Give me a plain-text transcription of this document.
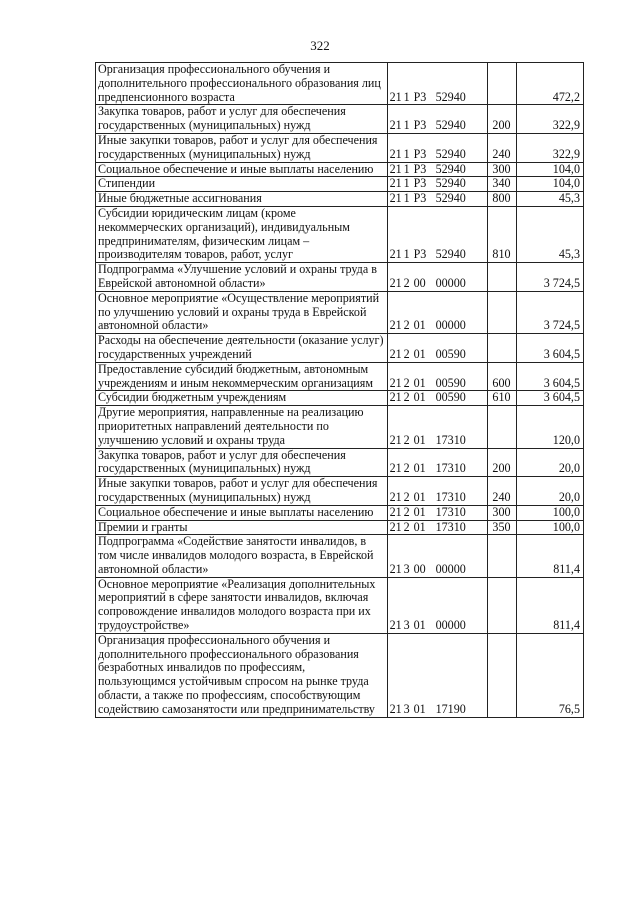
322
Организация профессионального обучения и дополнительного профессионального образования лиц предпенсионного возраста	21 1 Р3 52940		472,2
Закупка товаров, работ и услуг для обеспечения государственных (муниципальных) нужд	21 1 Р3 52940	200	322,9
Иные закупки товаров, работ и услуг для обеспечения государственных (муниципальных) нужд	21 1 Р3 52940	240	322,9
Социальное обеспечение и иные выплаты населению	21 1 Р3 52940	300	104,0
Стипендии	21 1 Р3 52940	340	104,0
Иные бюджетные ассигнования	21 1 Р3 52940	800	45,3
Субсидии юридическим лицам (кроме некоммерческих организаций), индивидуальным предпринимателям, физическим лицам – производителям товаров, работ, услуг	21 1 Р3 52940	810	45,3
Подпрограмма «Улучшение условий и охраны труда в Еврейской автономной области»	21 2 00 00000		3 724,5
Основное мероприятие «Осуществление мероприятий по улучшению условий и охраны труда в Еврейской автономной области»	21 2 01 00000		3 724,5
Расходы на обеспечение деятельности (оказание услуг) государственных учреждений	21 2 01 00590		3 604,5
Предоставление субсидий бюджетным, автономным учреждениям и иным некоммерческим организациям	21 2 01 00590	600	3 604,5
Субсидии бюджетным учреждениям	21 2 01 00590	610	3 604,5
Другие мероприятия, направленные на реализацию приоритетных направлений деятельности по улучшению условий и охраны труда	21 2 01 17310		120,0
Закупка товаров, работ и услуг для обеспечения государственных (муниципальных) нужд	21 2 01 17310	200	20,0
Иные закупки товаров, работ и услуг для обеспечения государственных (муниципальных) нужд	21 2 01 17310	240	20,0
Социальное обеспечение и иные выплаты населению	21 2 01 17310	300	100,0
Премии и гранты	21 2 01 17310	350	100,0
Подпрограмма «Содействие занятости инвалидов, в том числе инвалидов молодого возраста, в Еврейской автономной области»	21 3 00 00000		811,4
Основное мероприятие «Реализация дополнительных мероприятий в сфере занятости инвалидов, включая сопровождение инвалидов молодого возраста при их трудоустройстве»	21 3 01 00000		811,4
Организация профессионального обучения и дополнительного профессионального образования безработных инвалидов по профессиям, пользующимся устойчивым спросом на рынке труда области, а также по профессиям, способствующим содействию самозанятости или предпринимательству	21 3 01 17190		76,5
